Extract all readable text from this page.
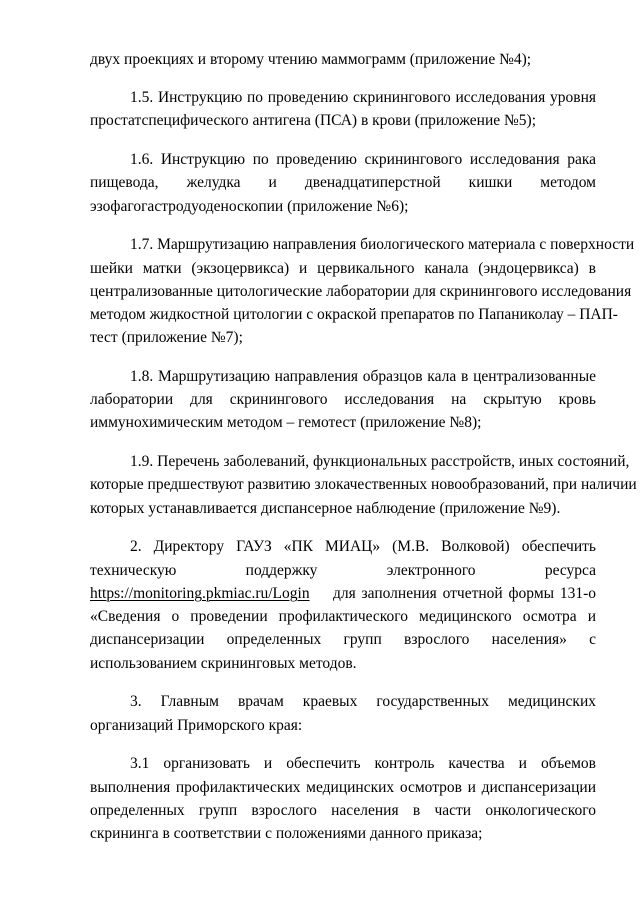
двух проекциях и второму чтению маммограмм (приложение №4);
1.5. Инструкцию по проведению скринингового исследования уровня
простатспецифического антигена (ПСА) в крови (приложение №5);
1.6. Инструкцию по проведению скринингового исследования рака
пищевода, желудка и двенадцатиперстной кишки методом
эзофагогастродуоденоскопии (приложение №6);
1.7. Маршрутизацию направления биологического материала с поверхности
шейки матки (экзоцервикса) и цервикального канала (эндоцервикса) в
централизованные цитологические лаборатории для скринингового исследования
методом жидкостной цитологии с окраской препаратов по Папаниколау – ПАП-
тест (приложение №7);
1.8. Маршрутизацию направления образцов кала в централизованные
лаборатории для скринингового исследования на скрытую кровь
иммунохимическим методом – гемотест (приложение №8);
1.9. Перечень заболеваний, функциональных расстройств, иных состояний,
которые предшествуют развитию злокачественных новообразований, при наличии
которых устанавливается диспансерное наблюдение (приложение №9).
2. Директору ГАУЗ «ПК МИАЦ» (М.В. Волковой) обеспечить
техническую поддержку электронного ресурса
https://monitoring.pkmiac.ru/Login для заполнения отчетной формы 131-о
«Сведения о проведении профилактического медицинского осмотра и
диспансеризации определенных групп взрослого населения» с
использованием скрининговых методов.
3. Главным врачам краевых государственных медицинских
организаций Приморского края:
3.1 организовать и обеспечить контроль качества и объемов
выполнения профилактических медицинских осмотров и диспансеризации
определенных групп взрослого населения в части онкологического
скрининга в соответствии с положениями данного приказа;
